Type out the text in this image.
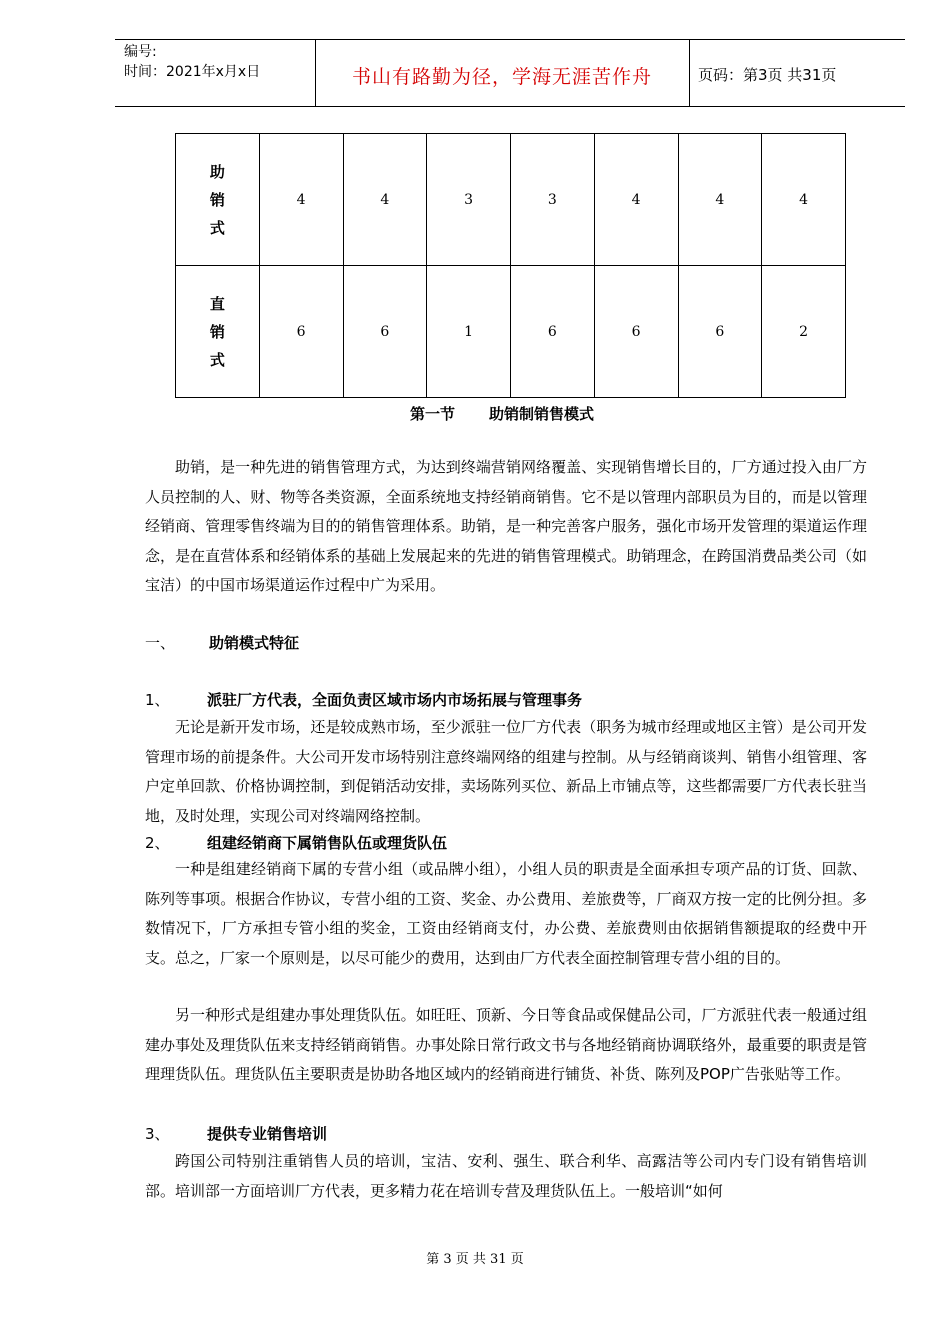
编号:
时间：2021年x月x日	书山有路勤为径，学海无涯苦作舟	页码：第3页 共31页
助
销
式	4	4	3	3	4	4	4

直
销
式	6	6	1	6	6	6	2
第一节 助销制销售模式
助销，是一种先进的销售管理方式，为达到终端营销网络覆盖、实现销售增长目的，厂方通过投入由厂方人员控制的人、财、物等各类资源，全面系统地支持经销商销售。它不是以管理内部职员为目的，而是以管理经销商、管理零售终端为目的的销售管理体系。助销，是一种完善客户服务，强化市场开发管理的渠道运作理念，是在直营体系和经销体系的基础上发展起来的先进的销售管理模式。助销理念，在跨国消费品类公司（如宝洁）的中国市场渠道运作过程中广为采用。
一、 助销模式特征
1、 派驻厂方代表，全面负责区域市场内市场拓展与管理事务
无论是新开发市场，还是较成熟市场，至少派驻一位厂方代表（职务为城市经理或地区主管）是公司开发管理市场的前提条件。大公司开发市场特别注意终端网络的组建与控制。从与经销商谈判、销售小组管理、客户定单回款、价格协调控制，到促销活动安排，卖场陈列买位、新品上市铺点等，这些都需要厂方代表长驻当地，及时处理，实现公司对终端网络控制。
2、 组建经销商下属销售队伍或理货队伍
一种是组建经销商下属的专营小组（或品牌小组），小组人员的职责是全面承担专项产品的订货、回款、陈列等事项。根据合作协议，专营小组的工资、奖金、办公费用、差旅费等，厂商双方按一定的比例分担。多数情况下，厂方承担专管小组的奖金，工资由经销商支付，办公费、差旅费则由依据销售额提取的经费中开支。总之，厂家一个原则是，以尽可能少的费用，达到由厂方代表全面控制管理专营小组的目的。
另一种形式是组建办事处理货队伍。如旺旺、顶新、今日等食品或保健品公司，厂方派驻代表一般通过组建办事处及理货队伍来支持经销商销售。办事处除日常行政文书与各地经销商协调联络外，最重要的职责是管理理货队伍。理货队伍主要职责是协助各地区域内的经销商进行铺货、补货、陈列及POP广告张贴等工作。
3、 提供专业销售培训
跨国公司特别注重销售人员的培训，宝洁、安利、强生、联合利华、高露洁等公司内专门设有销售培训部。培训部一方面培训厂方代表，更多精力花在培训专营及理货队伍上。一般培训“如何
第 3 页 共 31 页
